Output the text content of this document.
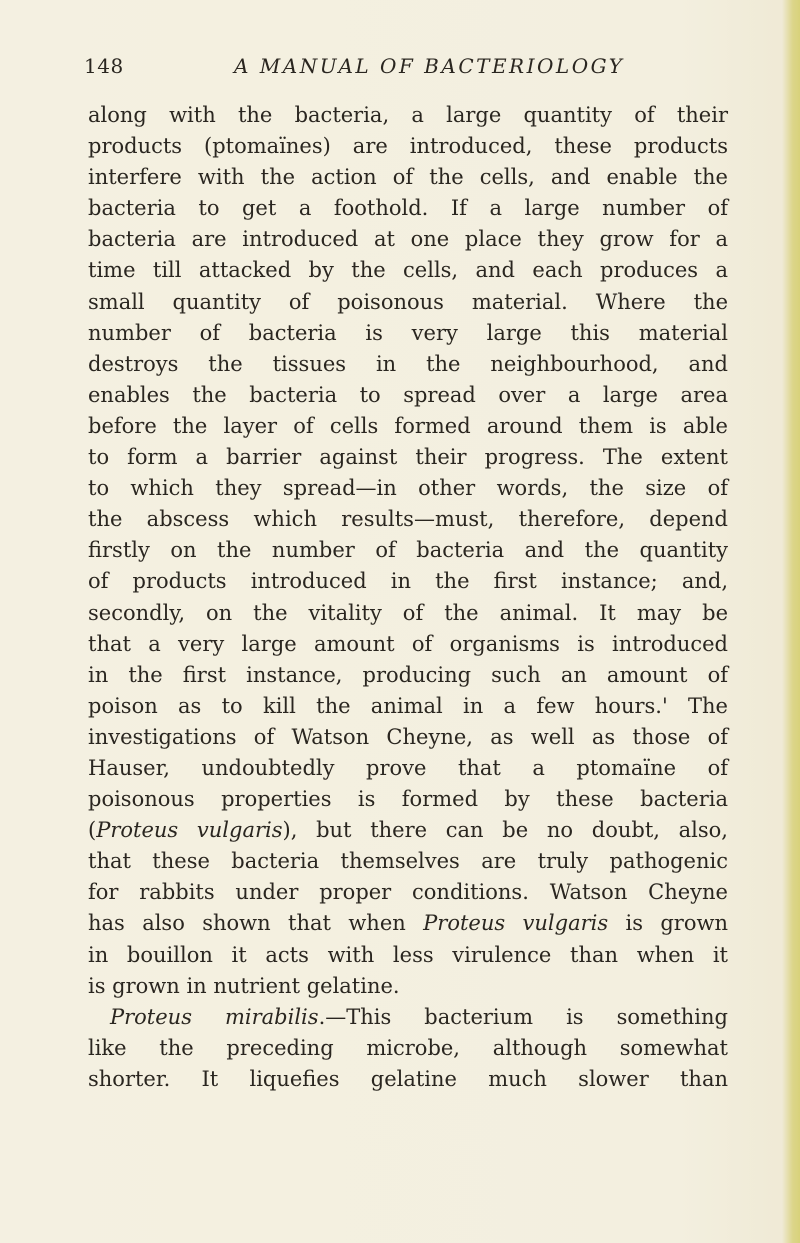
148	A MANUAL OF BACTERIOLOGY
along with the bacteria, a large quantity of their
products (ptomaïnes) are introduced, these products
interfere with the action of the cells, and enable the
bacteria to get a foothold. If a large number of
bacteria are introduced at one place they grow for a
time till attacked by the cells, and each produces a
small quantity of poisonous material. Where the
number of bacteria is very large this material
destroys the tissues in the neighbourhood, and
enables the bacteria to spread over a large area
before the layer of cells formed around them is able
to form a barrier against their progress. The extent
to which they spread—in other words, the size of
the abscess which results—must, therefore, depend
firstly on the number of bacteria and the quantity
of products introduced in the first instance; and,
secondly, on the vitality of the animal. It may be
that a very large amount of organisms is introduced
in the first instance, producing such an amount of
poison as to kill the animal in a few hours.' The
investigations of Watson Cheyne, as well as those of
Hauser, undoubtedly prove that a ptomaïne of
poisonous properties is formed by these bacteria
(Proteus vulgaris), but there can be no doubt, also,
that these bacteria themselves are truly pathogenic
for rabbits under proper conditions. Watson Cheyne
has also shown that when Proteus vulgaris is grown
in bouillon it acts with less virulence than when it
is grown in nutrient gelatine.
Proteus mirabilis.—This bacterium is something
like the preceding microbe, although somewhat
shorter. It liquefies gelatine much slower than
